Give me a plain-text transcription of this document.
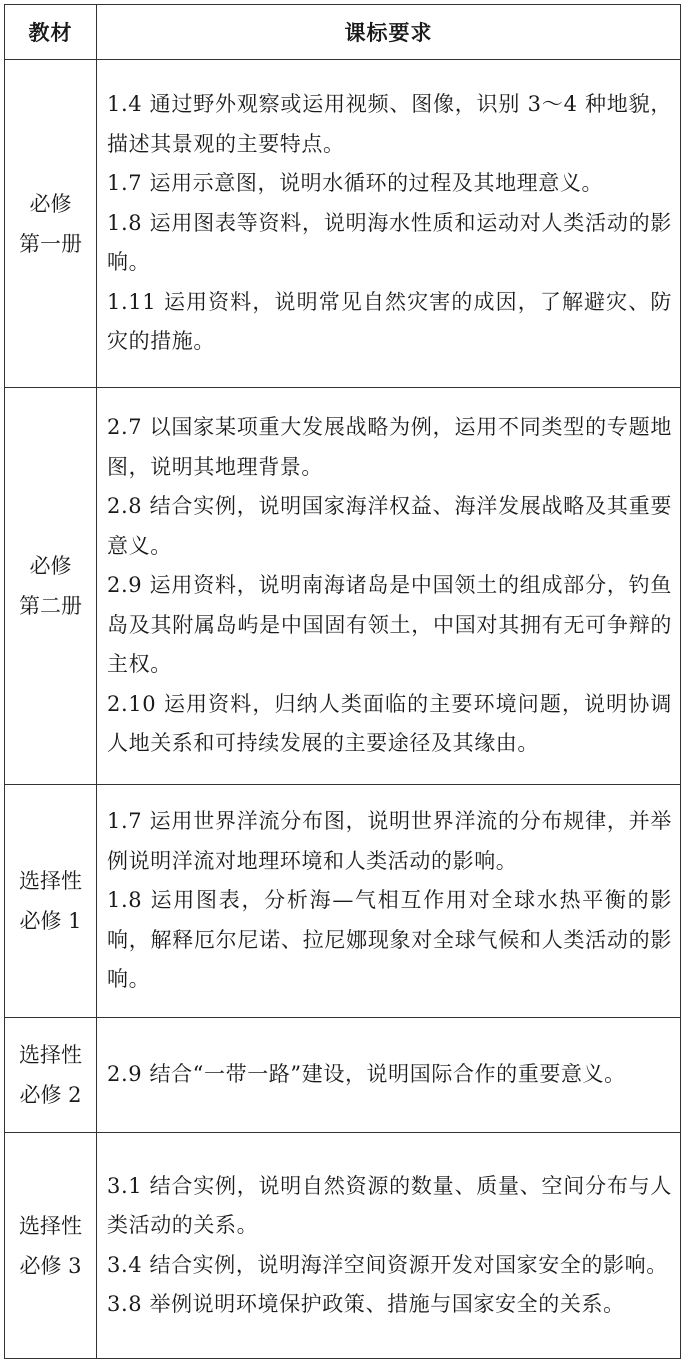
教材	课标要求

必修
第一册	1.4 通过野外观察或运用视频、图像，识别 3～4 种地貌，描述其景观的主要特点。
1.7 运用示意图，说明水循环的过程及其地理意义。
1.8 运用图表等资料，说明海水性质和运动对人类活动的影响。
1.11 运用资料，说明常见自然灾害的成因，了解避灾、防灾的措施。

必修
第二册	2.7 以国家某项重大发展战略为例，运用不同类型的专题地图，说明其地理背景。
2.8 结合实例，说明国家海洋权益、海洋发展战略及其重要意义。
2.9 运用资料，说明南海诸岛是中国领土的组成部分，钓鱼岛及其附属岛屿是中国固有领土，中国对其拥有无可争辩的主权。
2.10 运用资料，归纳人类面临的主要环境问题，说明协调人地关系和可持续发展的主要途径及其缘由。

选择性
必修 1	1.7 运用世界洋流分布图，说明世界洋流的分布规律，并举例说明洋流对地理环境和人类活动的影响。
1.8 运用图表，分析海—气相互作用对全球水热平衡的影响，解释厄尔尼诺、拉尼娜现象对全球气候和人类活动的影响。

选择性
必修 2	2.9 结合“一带一路”建设，说明国际合作的重要意义。

选择性
必修 3	3.1 结合实例，说明自然资源的数量、质量、空间分布与人类活动的关系。
3.4 结合实例，说明海洋空间资源开发对国家安全的影响。
3.8 举例说明环境保护政策、措施与国家安全的关系。
